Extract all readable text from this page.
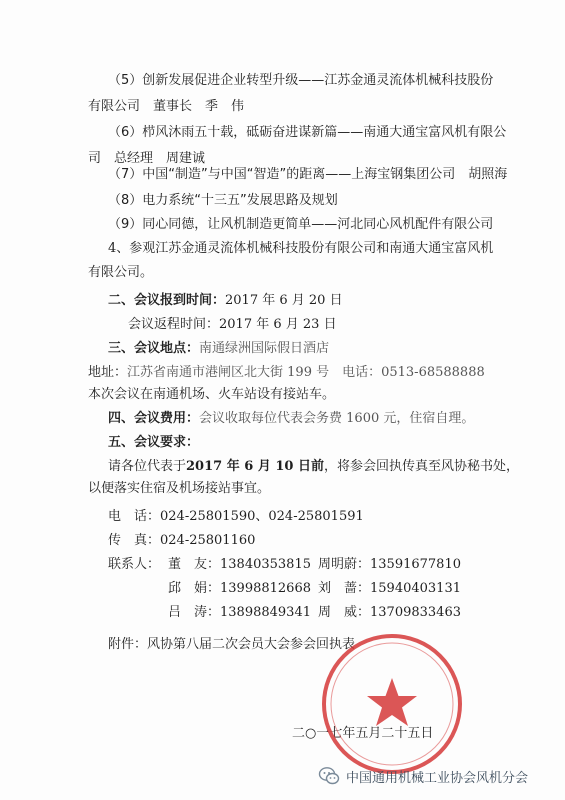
（5）创新发展促进企业转型升级——江苏金通灵流体机械科技股份
有限公司　董事长　季　伟
（6）栉风沐雨五十载，砥砺奋进谋新篇——南通大通宝富风机有限公
司　总经理　周建诚
（7）中国“制造”与中国“智造”的距离——上海宝钢集团公司　胡照海
（8）电力系统“十三五”发展思路及规划
（9）同心同德，让风机制造更简单——河北同心风机配件有限公司
4、参观江苏金通灵流体机械科技股份有限公司和南通大通宝富风机
有限公司。
二、会议报到时间：2017 年 6 月 20 日
会议返程时间：2017 年 6 月 23 日
三、会议地点：南通绿洲国际假日酒店
地址：江苏省南通市港闸区北大街 199 号　电话：0513-68588888
本次会议在南通机场、火车站设有接站车。
四、会议费用：会议收取每位代表会务费 1600 元，住宿自理。
五、会议要求：
请各位代表于2017 年 6 月 10 日前，将参会回执传真至风协秘书处，
以便落实住宿及机场接站事宜。
电　话：024-25801590、024-25801591
传　真：024-25801160
联系人： 董　友：13840353815 周明蔚：13591677810
邱　娟：13998812668 刘　蔷：15940403131
吕　涛：13898849341 周　威：13709833463
附件：风协第八届二次会员大会参会回执表
二○一七年五月二十五日
中国通用机械工业协会风机分会
